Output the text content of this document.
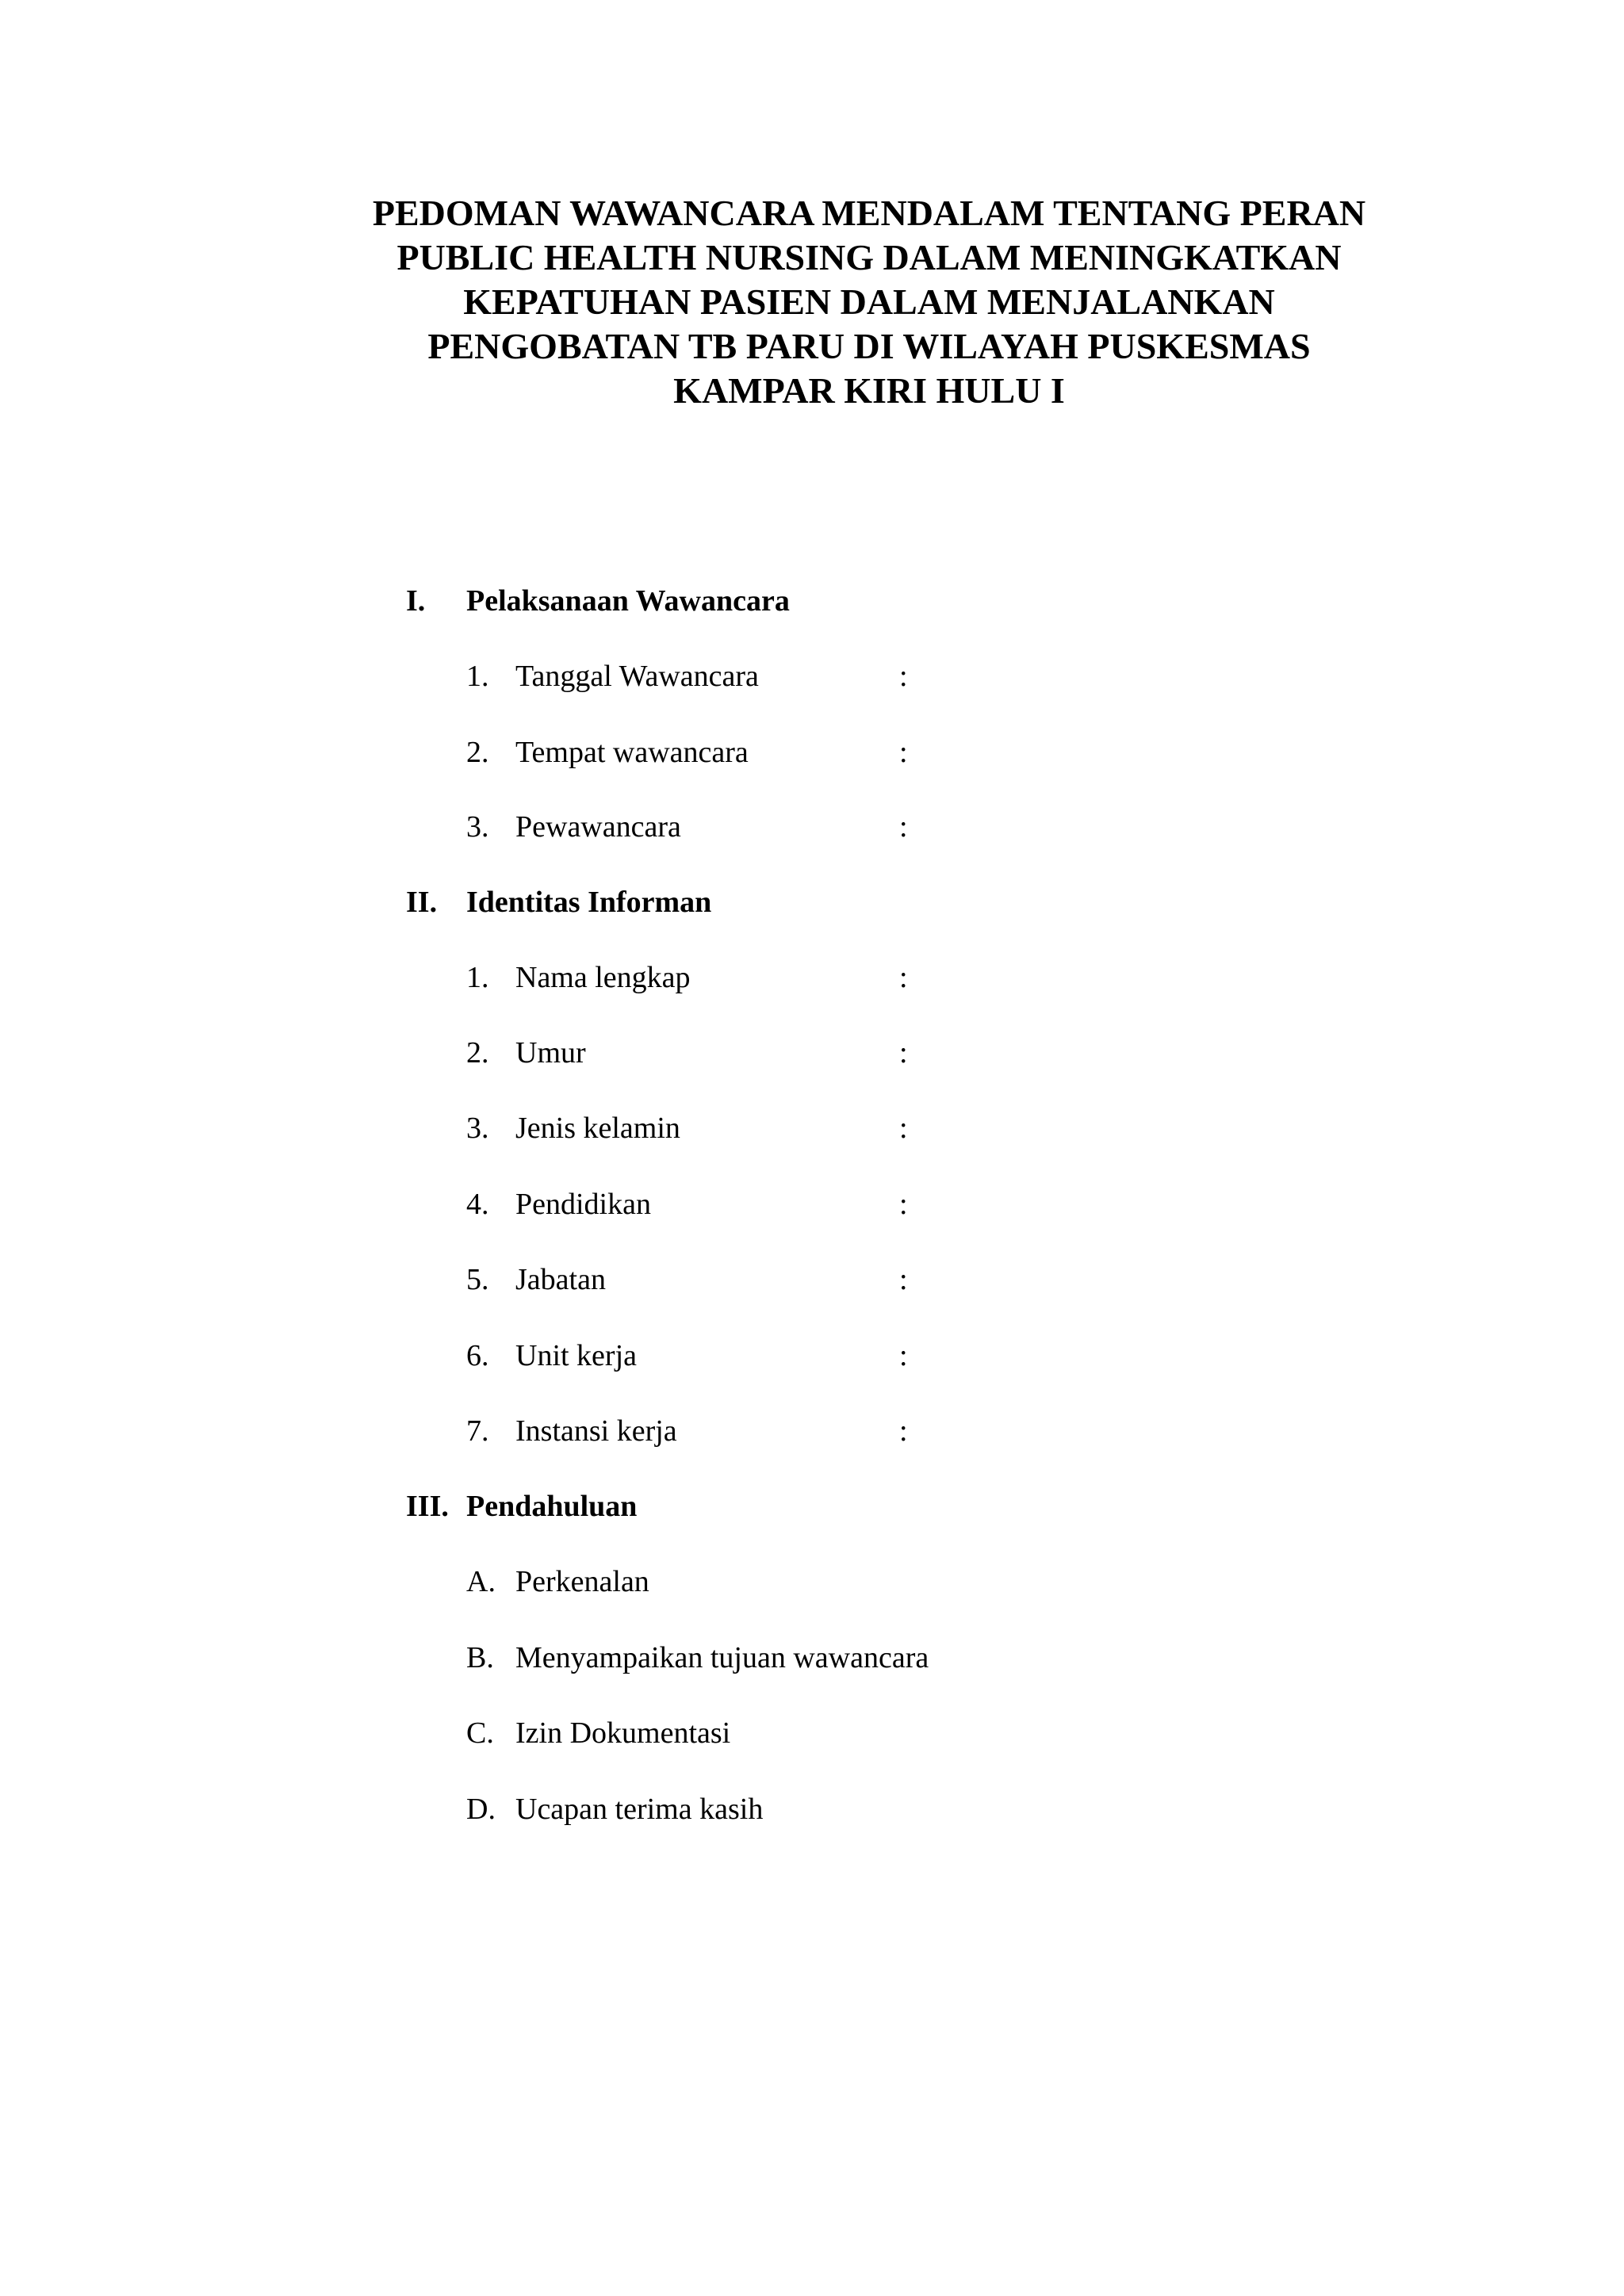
PEDOMAN WAWANCARA MENDALAM TENTANG PERAN
PUBLIC HEALTH NURSING DALAM MENINGKATKAN
KEPATUHAN PASIEN DALAM MENJALANKAN
PENGOBATAN TB PARU DI WILAYAH PUSKESMAS
KAMPAR KIRI HULU I
I. Pelaksanaan Wawancara
1. Tanggal Wawancara	:
2. Tempat wawancara	:
3. Pewawancara	:
II. Identitas Informan
1. Nama lengkap	:
2. Umur	:
3. Jenis kelamin	:
4. Pendidikan	:
5. Jabatan	:
6. Unit kerja	:
7. Instansi kerja	:
III. Pendahuluan
A. Perkenalan
B. Menyampaikan tujuan wawancara
C. Izin Dokumentasi
D. Ucapan terima kasih
